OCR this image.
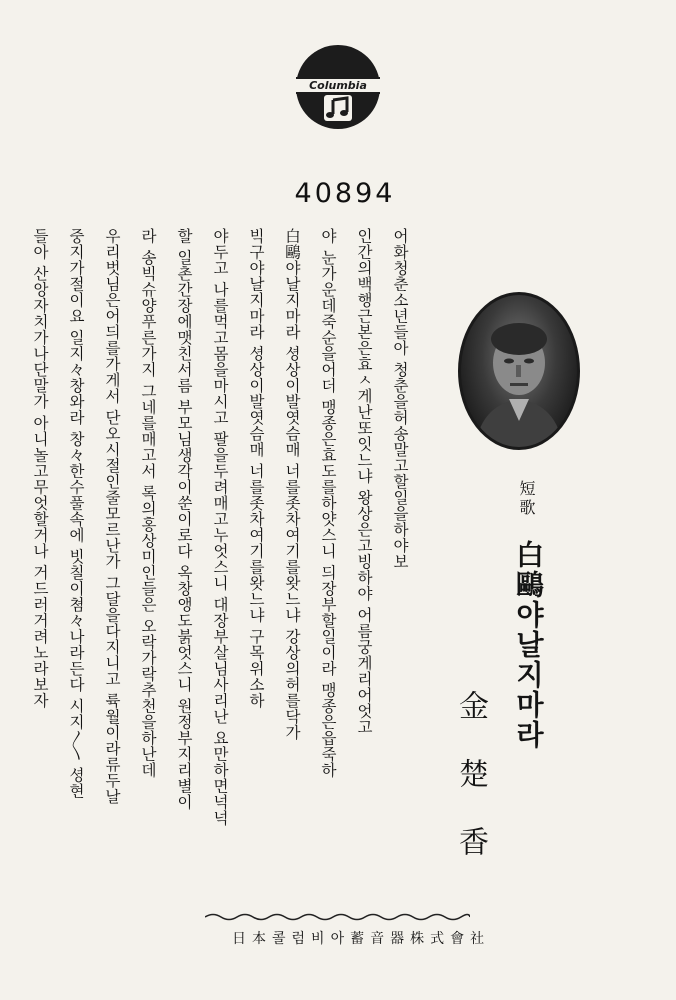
Columbia
40894
短歌
白鷗야날지마라
金楚香
어화청춘소년들아 청춘을허송말고할일을하야보
인간의백행근본은효ㅅ게난또잇느냐 왕상은고빙하야 어름궁게리어엇고
야 눈가운데죽순을어더 맹종은효도를하얏스니 듸장부할일이라 맹종은읍죽하
白鷗야날지마라 셩상이발엿슴매 너를좃차여기를왓느냐 강상의허를닥가
빅구야날지마라 셩상이발엿슴매 너를좃차여기를왓느냐 구목위소하
야두고 나를먹고몸을마시고 팔을두려매고누엇스니 대장부살님사리난 요만하면넉넉
할 일촌간장에맷친서름 부모님생각이쑨이로다 옥창앵도붉엇스니 원정부지리별이
라 송빅슈양푸른가지 그네를매고서 록의홍상미인들은 오락가락추천을하난데
우리벗님은어듸를가게서 단오시절인줄모르난가 그달을다지니고 륙월이라류두날
중지가절이요 일지々창와라 창々한수풀속에 빗칠이쳠々나라든다 시지〳〵 셩현
들아 산앙자치가나단말가 아니놀고무엇할거나 거드러거려노라보자
日本콜럼비아蓄音器株式會社
